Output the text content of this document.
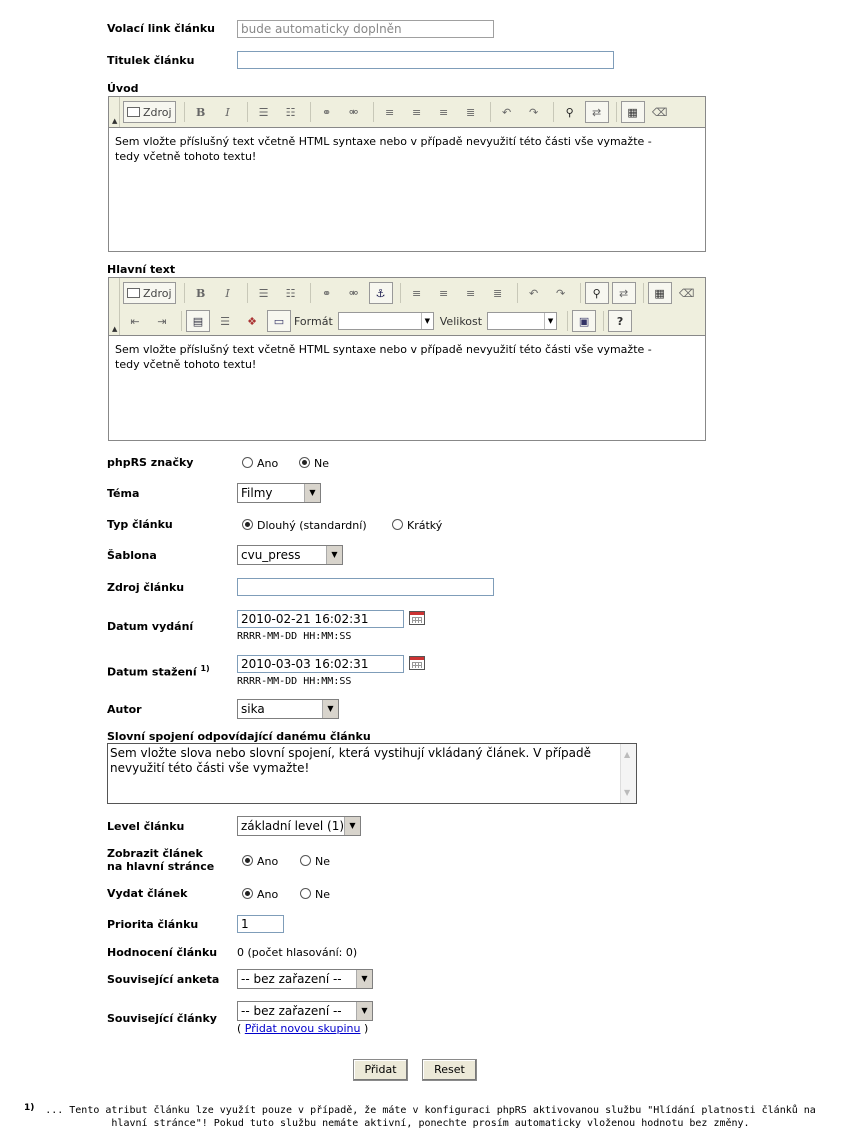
Volací link článku	bude automaticky doplněn
Titulek článku
Úvod
▲
Zdroj	B	I	☰	☷	⚭	⚮	≡	≡	≡	≣	↶	↷	⚲	⇄	▦	⌫
Sem vložte příslušný text včetně HTML syntaxe nebo v případě nevyužití této části vše vymažte - tedy včetně tohoto textu!
Hlavní text
▲
Zdroj	B	I	☰	☷	⚭	⚮	⚓	≡	≡	≡	≣	↶	↷	⚲	⇄	▦	⌫
⇤	⇥	▤	☰	❖	▭ Formát	▼ Velikost	▼	▣	?
Sem vložte příslušný text včetně HTML syntaxe nebo v případě nevyužití této části vše vymažte - tedy včetně tohoto textu!
phpRS značky	Ano	Ne
Téma	Filmy	▼
Typ článku	Dlouhý (standardní)	Krátký
Šablona	cvu_press	▼
Zdroj článku
Datum vydání
2010-02-21 16:02:31
RRRR-MM-DD HH:MM:SS
Datum stažení $^{1)}$	2010-03-03 16:02:31
RRRR-MM-DD HH:MM:SS
Autor	sika	▼
Slovní spojení odpovídající danému článku
Sem vložte slova nebo slovní spojení, která vystihují vkládaný článek. V případě nevyužití této části vše vymažte!
▲
▼
Level článku	základní level (1) ▼
Zobrazit článek
na hlavní stránce	Ano	Ne
Vydat článek	Ano	Ne
Priorita článku	1
Hodnocení článku 0 (počet hlasování: 0)
Související anketa	-- bez zařazení --	▼
Související články
-- bez zařazení --	▼
( Přidat novou skupinu )
Přidat	Reset
1)	... Tento atribut článku lze využít pouze v případě, že máte v konfiguraci phpRS aktivovanou službu "Hlídání platnosti článků na hlavní stránce"! Pokud tuto službu nemáte aktivní, ponechte prosím automaticky vloženou hodnotu bez změny.
